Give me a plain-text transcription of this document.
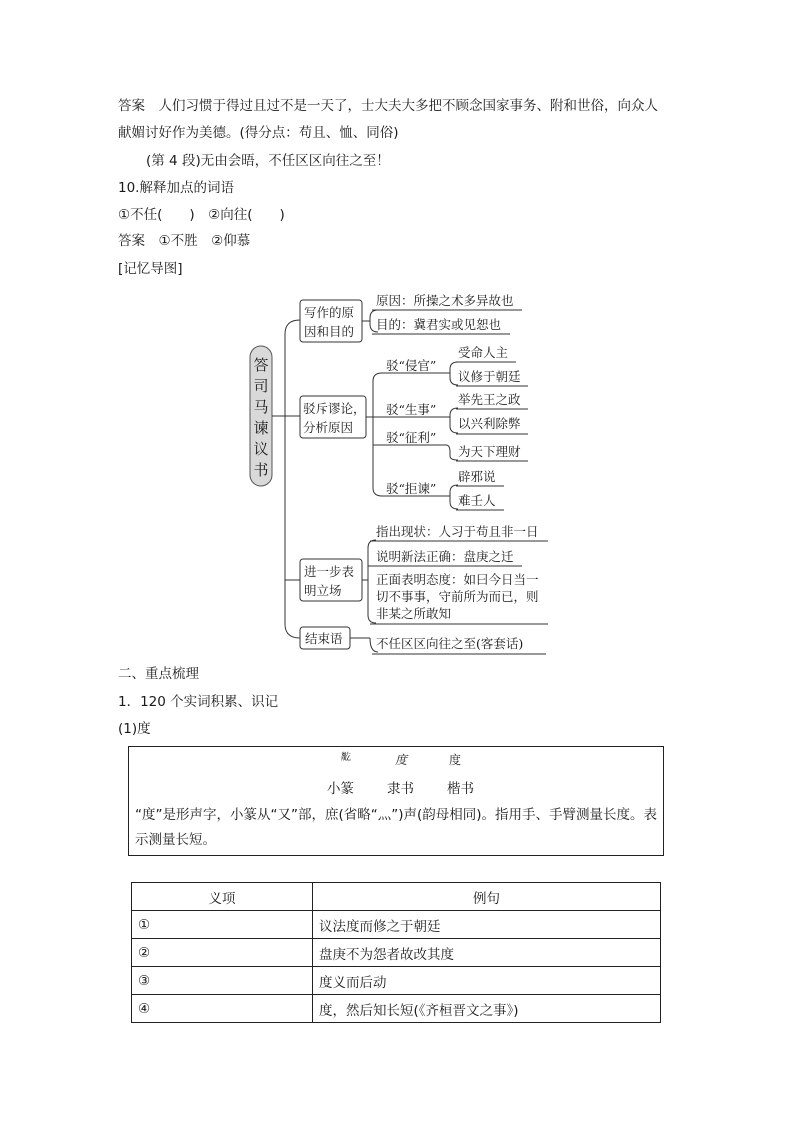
答案　人们习惯于得过且过不是一天了，士大夫大多把不顾念国家事务、附和世俗，向众人
献媚讨好作为美德。(得分点：苟且、恤、同俗)
(第 4 段)无由会晤，不任区区向往之至！
10.解释加点的词语
①不任(　　)　②向往(　　)
答案　①不胜　②仰慕
[记忆导图]
答司马谏议书
写作的原
因和目的
驳斥谬论，
分析原因
进一步表
明立场
结束语
原因：所操之术多异故也
目的：冀君实或见恕也
驳“侵官”
受命人主
议修于朝廷
驳“生事”
举先王之政
以兴利除弊
驳“征利”
为天下理财
驳“拒谏”
辟邪说
难壬人
指出现状：人习于苟且非一日
说明新法正确：盘庚之迁
正面表明态度：如曰今日当一
切不事事，守前所为而已，则
非某之所敢知
不任区区向往之至(客套话)
二、重点梳理
1．120 个实词积累、识记
(1)度
𢇓	度	度
小篆 隶书 楷书
“度”是形声字，小篆从“又”部，庶(省略“灬”)声(韵母相同)。指用手、手臂测量长度。表示测量长短。
义项	例句
①	议法度而修之于朝廷
②	盘庚不为怨者故改其度
③	度义而后动
④	度，然后知长短(《齐桓晋文之事》)
